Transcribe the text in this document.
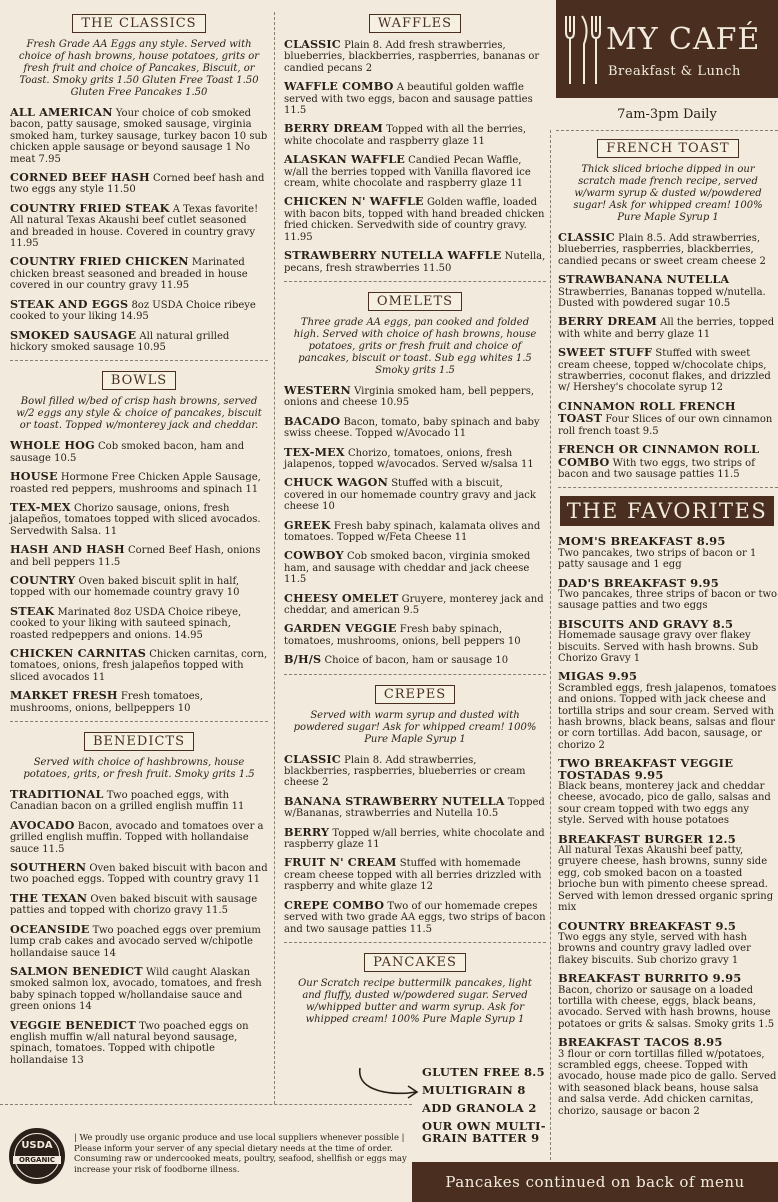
THE CLASSICS
Fresh Grade AA Eggs any style. Served with choice of hash browns, house potatoes, grits or fresh fruit and choice of Pancakes, Biscuit, or Toast. Smoky grits 1.50 Gluten Free Toast 1.50 Gluten Free Pancakes 1.50
ALL AMERICAN Your choice of cob smoked bacon, patty sausage, smoked sausage, virginia smoked ham, turkey sausage, turkey bacon 10 sub chicken apple sausage or beyond sausage 1 No meat 7.95
CORNED BEEF HASH Corned beef hash and two eggs any style 11.50
COUNTRY FRIED STEAK A Texas favorite! All natural Texas Akaushi beef cutlet seasoned and breaded in house. Covered in country gravy 11.95
COUNTRY FRIED CHICKEN Marinated chicken breast seasoned and breaded in house covered in our country gravy 11.95
STEAK AND EGGS 8oz USDA Choice ribeye cooked to your liking 14.95
SMOKED SAUSAGE All natural grilled hickory smoked sausage 10.95
BOWLS
Bowl filled w/bed of crisp hash browns, served w/2 eggs any style & choice of pancakes, biscuit or toast. Topped w/monterey jack and cheddar.
WHOLE HOG Cob smoked bacon, ham and sausage 10.5
HOUSE Hormone Free Chicken Apple Sausage, roasted red peppers, mushrooms and spinach 11
TEX-MEX Chorizo sausage, onions, fresh jalapeños, tomatoes topped with sliced avocados. Servedwith Salsa. 11
HASH AND HASH Corned Beef Hash, onions and bell peppers 11.5
COUNTRY Oven baked biscuit split in half, topped with our homemade country gravy 10
STEAK Marinated 8oz USDA Choice ribeye, cooked to your liking with sauteed spinach, roasted redpeppers and onions. 14.95
CHICKEN CARNITAS Chicken carnitas, corn, tomatoes, onions, fresh jalapeños topped with sliced avocados 11
MARKET FRESH Fresh tomatoes, mushrooms, onions, bellpeppers 10
BENEDICTS
Served with choice of hashbrowns, house potatoes, grits, or fresh fruit. Smoky grits 1.5
TRADITIONAL Two poached eggs, with Canadian bacon on a grilled english muffin 11
AVOCADO Bacon, avocado and tomatoes over a grilled english muffin. Topped with hollandaise sauce 11.5
SOUTHERN Oven baked biscuit with bacon and two poached eggs. Topped with country gravy 11
THE TEXAN Oven baked biscuit with sausage patties and topped with chorizo gravy 11.5
OCEANSIDE Two poached eggs over premium lump crab cakes and avocado served w/chipotle hollandaise sauce 14
SALMON BENEDICT Wild caught Alaskan smoked salmon lox, avocado, tomatoes, and fresh baby spinach topped w/hollandaise sauce and green onions 14
VEGGIE BENEDICT Two poached eggs on english muffin w/all natural beyond sausage, spinach, tomatoes. Topped with chipotle hollandaise 13
WAFFLES
CLASSIC Plain 8. Add fresh strawberries, blueberries, blackberries, raspberries, bananas or candied pecans 2
WAFFLE COMBO A beautiful golden waffle served with two eggs, bacon and sausage patties 11.5
BERRY DREAM Topped with all the berries, white chocolate and raspberry glaze 11
ALASKAN WAFFLE Candied Pecan Waffle, w/all the berries topped with Vanilla flavored ice cream, white chocolate and raspberry glaze 11
CHICKEN N' WAFFLE Golden waffle, loaded with bacon bits, topped with hand breaded chicken fried chicken. Servedwith side of country gravy. 11.95
STRAWBERRY NUTELLA WAFFLE Nutella, pecans, fresh strawberries 11.50
OMELETS
Three grade AA eggs, pan cooked and folded high. Served with choice of hash browns, house potatoes, grits or fresh fruit and choice of pancakes, biscuit or toast. Sub egg whites 1.5 Smoky grits 1.5
WESTERN Virginia smoked ham, bell peppers, onions and cheese 10.95
BACADO Bacon, tomato, baby spinach and baby swiss cheese. Topped w/Avocado 11
TEX-MEX Chorizo, tomatoes, onions, fresh jalapenos, topped w/avocados. Served w/salsa 11
CHUCK WAGON Stuffed with a biscuit, covered in our homemade country gravy and jack cheese 10
GREEK Fresh baby spinach, kalamata olives and tomatoes. Topped w/Feta Cheese 11
COWBOY Cob smoked bacon, virginia smoked ham, and sausage with cheddar and jack cheese 11.5
CHEESY OMELET Gruyere, monterey jack and cheddar, and american 9.5
GARDEN VEGGIE Fresh baby spinach, tomatoes, mushrooms, onions, bell peppers 10
B/H/S Choice of bacon, ham or sausage 10
CREPES
Served with warm syrup and dusted with powdered sugar! Ask for whipped cream! 100% Pure Maple Syrup 1
CLASSIC Plain 8. Add strawberries, blackberries, raspberries, blueberries or cream cheese 2
BANANA STRAWBERRY NUTELLA Topped w/Bananas, strawberries and Nutella 10.5
BERRY Topped w/all berries, white chocolate and raspberry glaze 11
FRUIT N' CREAM Stuffed with homemade cream cheese topped with all berries drizzled with raspberry and white glaze 12
CREPE COMBO Two of our homemade crepes served with two grade AA eggs, two strips of bacon and two sausage patties 11.5
PANCAKES
Our Scratch recipe buttermilk pancakes, light and fluffy, dusted w/powdered sugar. Served w/whipped butter and warm syrup. Ask for whipped cream! 100% Pure Maple Syrup 1
GLUTEN FREE 8.5
MULTIGRAIN 8
ADD GRANOLA 2
OUR OWN MULTI-GRAIN BATTER 9
MY CAFÉ
Breakfast & Lunch
7am-3pm Daily
FRENCH TOAST
Thick sliced brioche dipped in our scratch made french recipe, served w/warm syrup & dusted w/powdered sugar! Ask for whipped cream! 100% Pure Maple Syrup 1
CLASSIC Plain 8.5. Add strawberries, blueberries, raspberries, blackberries, candied pecans or sweet cream cheese 2
STRAWBANANA NUTELLA Strawberries, Bananas topped w/nutella. Dusted with powdered sugar 10.5
BERRY DREAM All the berries, topped with white and berry glaze 11
SWEET STUFF Stuffed with sweet cream cheese, topped w/chocolate chips, strawberries, coconut flakes, and drizzled w/ Hershey's chocolate syrup 12
CINNAMON ROLL FRENCH TOAST Four Slices of our own cinnamon roll french toast 9.5
FRENCH OR CINNAMON ROLL COMBO With two eggs, two strips of bacon and two sausage patties 11.5
THE FAVORITES
MOM'S BREAKFAST 8.95
Two pancakes, two strips of bacon or 1 patty sausage and 1 egg
DAD'S BREAKFAST 9.95
Two pancakes, three strips of bacon or two sausage patties and two eggs
BISCUITS AND GRAVY 8.5
Homemade sausage gravy over flakey biscuits. Served with hash browns. Sub Chorizo Gravy 1
MIGAS 9.95
Scrambled eggs, fresh jalapenos, tomatoes and onions. Topped with jack cheese and tortilla strips and sour cream. Served with hash browns, black beans, salsas and flour or corn tortillas. Add bacon, sausage, or chorizo 2
TWO BREAKFAST VEGGIE TOSTADAS 9.95
Black beans, monterey jack and cheddar cheese, avocado, pico de gallo, salsas and sour cream topped with two eggs any style. Served with house potatoes
BREAKFAST BURGER 12.5
All natural Texas Akaushi beef patty, gruyere cheese, hash browns, sunny side egg, cob smoked bacon on a toasted brioche bun with pimento cheese spread. Served with lemon dressed organic spring mix
COUNTRY BREAKFAST 9.5
Two eggs any style, served with hash browns and country gravy ladled over flakey biscuits. Sub chorizo gravy 1
BREAKFAST BURRITO 9.95
Bacon, chorizo or sausage on a loaded tortilla with cheese, eggs, black beans, avocado. Served with hash browns, house potatoes or grits & salsas. Smoky grits 1.5
BREAKFAST TACOS 8.95
3 flour or corn tortillas filled w/potatoes, scrambled eggs, cheese. Topped with avocado, house made pico de gallo. Served with seasoned black beans, house salsa and salsa verde. Add chicken carnitas, chorizo, sausage or bacon 2
USDA
ORGANIC
| We proudly use organic produce and use local suppliers whenever possible |
Please inform your server of any special dietary needs at the time of order.
Consuming raw or undercooked meats, poultry, seafood, shellfish or eggs may increase your risk of foodborne illness.
Pancakes continued on back of menu
